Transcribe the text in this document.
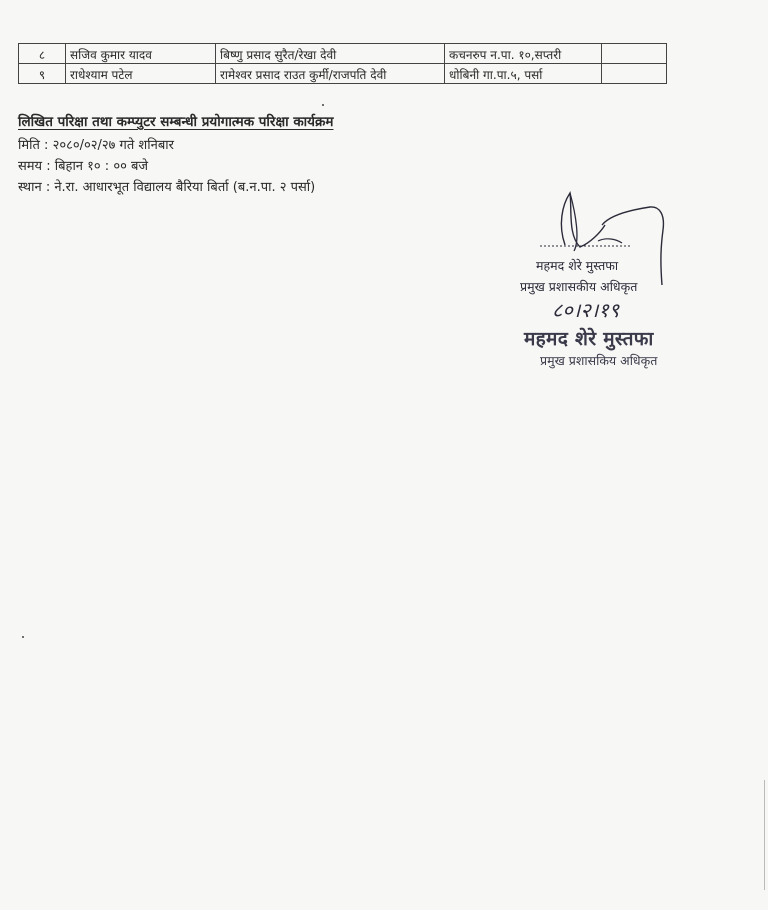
८	सजिव कुमार यादव	बिष्णु प्रसाद सुरैत/रेखा देवी	कचनरुप न.पा. १०,सप्तरी	
९	राधेश्याम पटेल	रामेश्वर प्रसाद राउत कुर्मी/राजपति देवी	धोबिनी गा.पा.५, पर्सा	
लिखित परिक्षा तथा कम्प्युटर सम्बन्धी प्रयोगात्मक परिक्षा कार्यक्रम
मिति : २०८०/०२/२७ गते शनिबार
समय : बिहान १० : ०० बजे
स्थान : ने.रा. आधारभूत विद्यालय बैरिया बिर्ता (ब.न.पा. २ पर्सा)
८०।२।१९
महमद शेरे मुस्तफा
प्रमुख प्रशासकीय अधिकृत
महमद शेरे मुस्तफा
प्रमुख प्रशासकिय अधिकृत
